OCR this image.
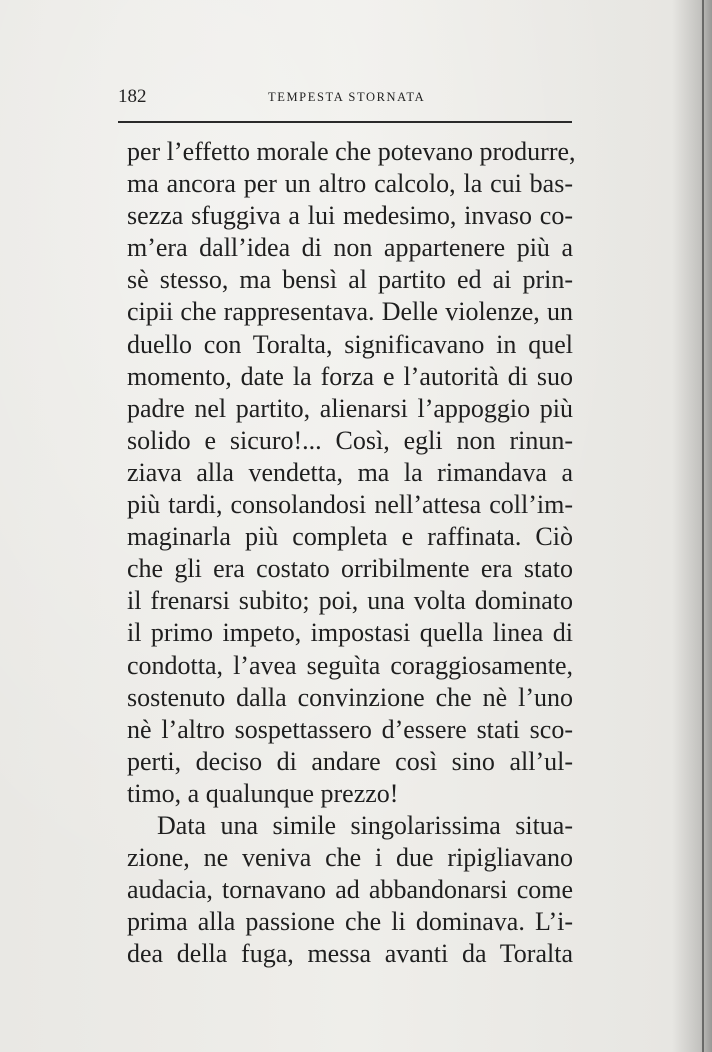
182	TEMPESTA STORNATA
per l’effetto morale che potevano produrre,
ma ancora per un altro calcolo, la cui bas-
sezza sfuggiva a lui medesimo, invaso co-
m’era dall’idea di non appartenere più a
sè stesso, ma bensì al partito ed ai prin-
cipii che rappresentava. Delle violenze, un
duello con Toralta, significavano in quel
momento, date la forza e l’autorità di suo
padre nel partito, alienarsi l’appoggio più
solido e sicuro!... Così, egli non rinun-
ziava alla vendetta, ma la rimandava a
più tardi, consolandosi nell’attesa coll’im-
maginarla più completa e raffinata. Ciò
che gli era costato orribilmente era stato
il frenarsi subito; poi, una volta dominato
il primo impeto, impostasi quella linea di
condotta, l’avea seguìta coraggiosamente,
sostenuto dalla convinzione che nè l’uno
nè l’altro sospettassero d’essere stati sco-
perti, deciso di andare così sino all’ul-
timo, a qualunque prezzo!
Data una simile singolarissima situa-
zione, ne veniva che i due ripigliavano
audacia, tornavano ad abbandonarsi come
prima alla passione che li dominava. L’i-
dea della fuga, messa avanti da Toralta
